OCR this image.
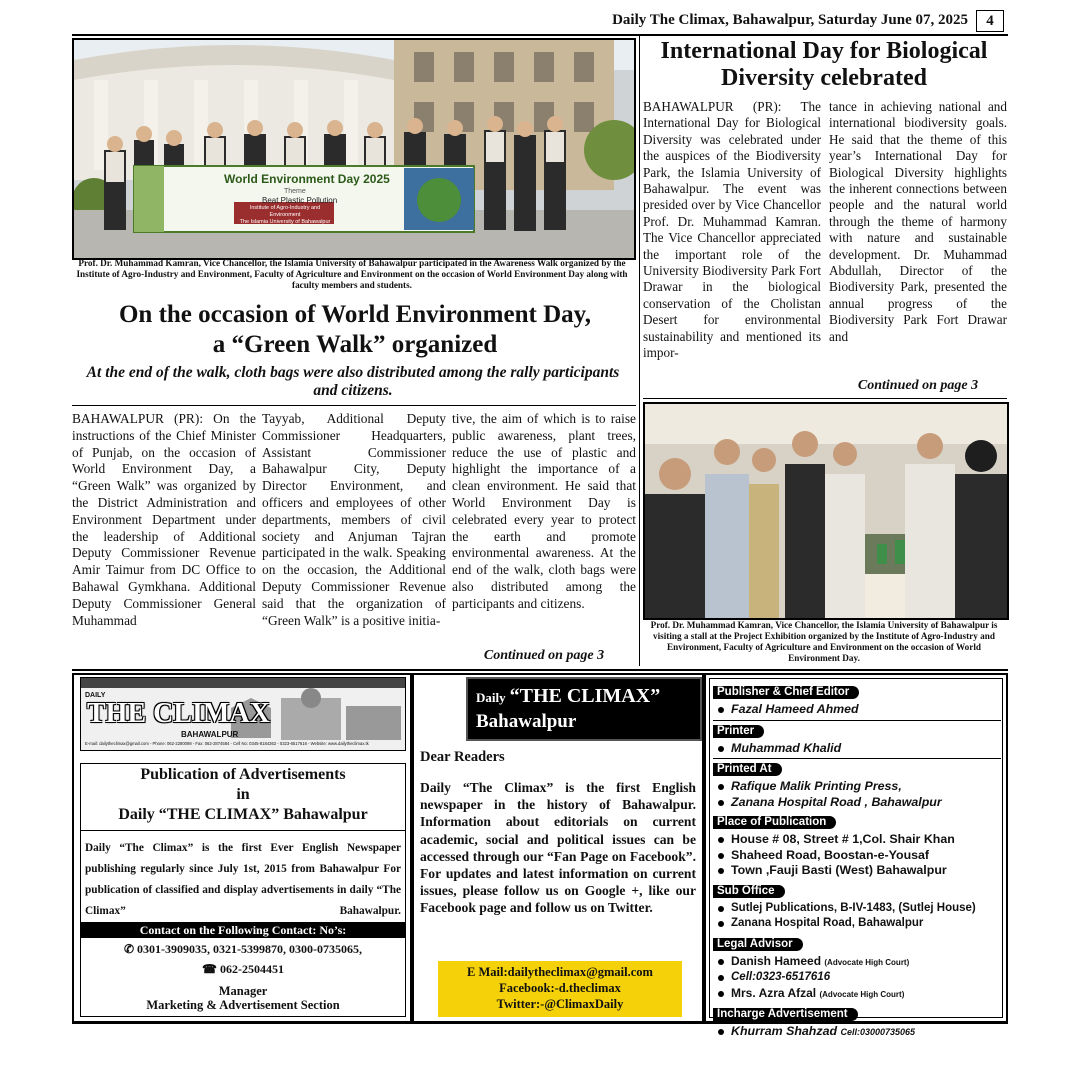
Daily The Climax, Bahawalpur, Saturday June 07, 2025	4
World Environment Day 2025
Theme
Beat Plastic Pollution
Institute of Agro-Industry and Environment
The Islamia University of Bahawalpur
Prof. Dr. Muhammad Kamran, Vice Chancellor, the Islamia University of Bahawalpur participated in the Awareness Walk organized by the Institute of Agro-Industry and Environment, Faculty of Agriculture and Environment on the occasion of World Environment Day along with faculty members and students.
On the occasion of World Environment Day, a “Green Walk” organized
At the end of the walk, cloth bags were also distributed among the rally participants and citizens.
BAHAWALPUR (PR): On the instructions of the Chief Minister of Punjab, on the occasion of World Environment Day, a “Green Walk” was organized by the District Administration and Environment Department under the leadership of Additional Deputy Commissioner Revenue Amir Taimur from DC Office to Bahawal Gymkhana. Additional Deputy Commissioner General Muhammad
Tayyab, Additional Deputy Commissioner Headquarters, Assistant Commissioner Bahawalpur City, Deputy Director Environment, and officers and employees of other departments, members of civil society and Anjuman Tajran participated in the walk. Speaking on the occasion, the Additional Deputy Commissioner Revenue said that the organization of “Green Walk” is a positive initia-
tive, the aim of which is to raise public awareness, plant trees, reduce the use of plastic and highlight the importance of a clean environment. He said that World Environment Day is celebrated every year to protect the earth and promote environmental awareness. At the end of the walk, cloth bags were also distributed among the participants and citizens.
Continued on page 3
International Day for Biological Diversity celebrated
BAHAWALPUR (PR): The International Day for Biological Diversity was celebrated under the auspices of the Biodiversity Park, the Islamia University of Bahawalpur. The event was presided over by Vice Chancellor Prof. Dr. Muhammad Kamran. The Vice Chancellor appreciated the important role of the University Biodiversity Park Fort Drawar in the biological conservation of the Cholistan Desert for environmental sustainability and mentioned its impor-
tance in achieving national and international biodiversity goals. He said that the theme of this year’s International Day for Biological Diversity highlights the inherent connections between people and the natural world through the theme of harmony with nature and sustainable development. Dr. Muhammad Abdullah, Director of the Biodiversity Park, presented the annual progress of the Biodiversity Park Fort Drawar and
Continued on page 3
Prof. Dr. Muhammad Kamran, Vice Chancellor, the Islamia University of Bahawalpur is visiting a stall at the Project Exhibition organized by the Institute of Agro-Industry and Environment, Faculty of Agriculture and Environment on the occasion of World Environment Day.
DAILY
THE CLIMAX
BAHAWALPUR
E-mail: dailytheclimax@gmail.com - Phone: 062-2280098 - Fax: 062-2874584 - Cell No: 0345-8184362 - 0323-6517616 - Website: www.dailytheclimax.tk
Publication of Advertisements
in
Daily “THE CLIMAX” Bahawalpur
Daily “The Climax” is the first Ever English Newspaper publishing regularly since July 1st, 2015 from Bahawalpur For publication of classified and display advertisements in daily “The Climax” Bahawalpur.
Contact on the Following Contact: No’s:
✆ 0301-3909035, 0321-5399870, 0300-0735065,
☎ 062-2504451
Manager
Marketing & Advertisement Section
Daily “THE CLIMAX”
Bahawalpur
Dear Readers
Daily “The Climax” is the first English newspaper in the history of Bahawalpur. Information about editorials on current academic, social and political issues can be accessed through our “Fan Page on Facebook”. For updates and latest information on current issues, please follow us on Google +, like our Facebook page and follow us on Twitter.
E Mail:dailytheclimax@gmail.com
Facebook:-d.theclimax
Twitter:-@ClimaxDaily
Publisher & Chief Editor
Fazal Hameed Ahmed
Printer
Muhammad Khalid
Printed At
Rafique Malik Printing Press,
Zanana Hospital Road , Bahawalpur
Place of Publication
House # 08, Street # 1,Col. Shair Khan
Shaheed Road, Boostan-e-Yousaf
Town ,Fauji Basti (West) Bahawalpur
Sub Office
Sutlej Publications, B-IV-1483, (Sutlej House)
Zanana Hospital Road, Bahawalpur
Legal Advisor
Danish Hameed (Advocate High Court)
Cell:0323-6517616
Mrs. Azra Afzal (Advocate High Court)
Incharge Advertisement
Khurram Shahzad Cell:03000735065
